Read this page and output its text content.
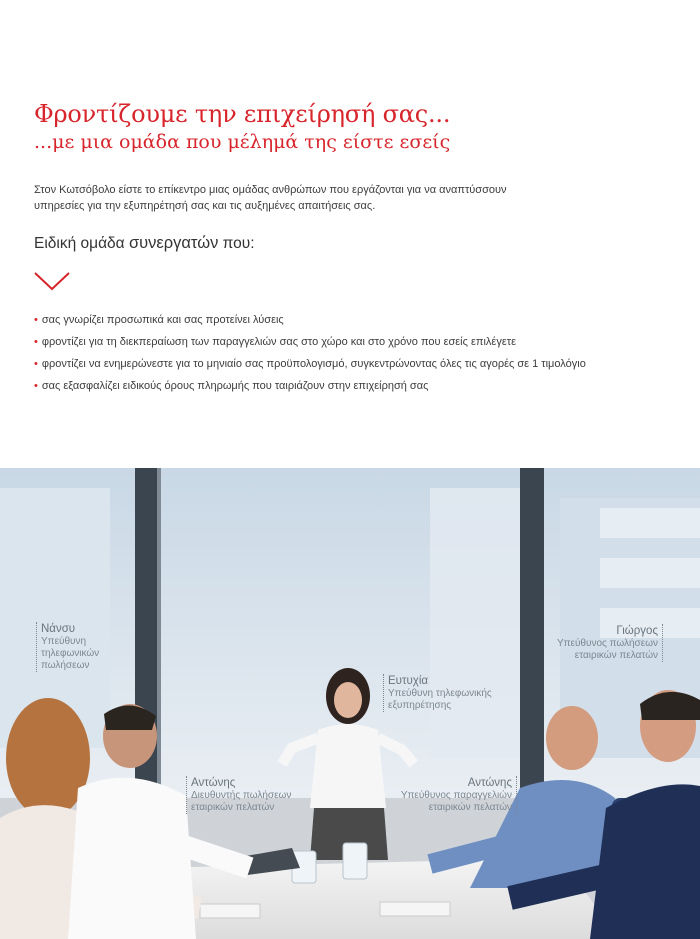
Φροντίζουμε την επιχείρησή σας...
...με μια ομάδα που μέλημά της είστε εσείς

Στον Κωτσόβολο είστε το επίκεντρο μιας ομάδας ανθρώπων που εργάζονται για να αναπτύσσουν
υπηρεσίες για την εξυπηρέτησή σας και τις αυξημένες απαιτήσεις σας.

Ειδική ομάδα συνεργατών που:
• σας γνωρίζει προσωπικά και σας προτείνει λύσεις
• φροντίζει για τη διεκπεραίωση των παραγγελιών σας στο χώρο και στο χρόνο που εσείς επιλέγετε
• φροντίζει να ενημερώνεστε για το μηνιαίο σας προϋπολογισμό, συγκεντρώνοντας όλες τις αγορές σε 1 τιμολόγιο
• σας εξασφαλίζει ειδικούς όρους πληρωμής που ταιριάζουν στην επιχείρησή σας
Νάνσυ
Υπεύθυνη
τηλεφωνικών
πωλήσεων
Ευτυχία
Υπεύθυνη τηλεφωνικής
εξυπηρέτησης
Γιώργος
Υπεύθυνος πωλήσεων
εταιρικών πελατών
Αντώνης
Διευθυντής πωλήσεων
εταιρικών πελατών
Αντώνης
Υπεύθυνος παραγγελιών
εταιρικών πελατών
